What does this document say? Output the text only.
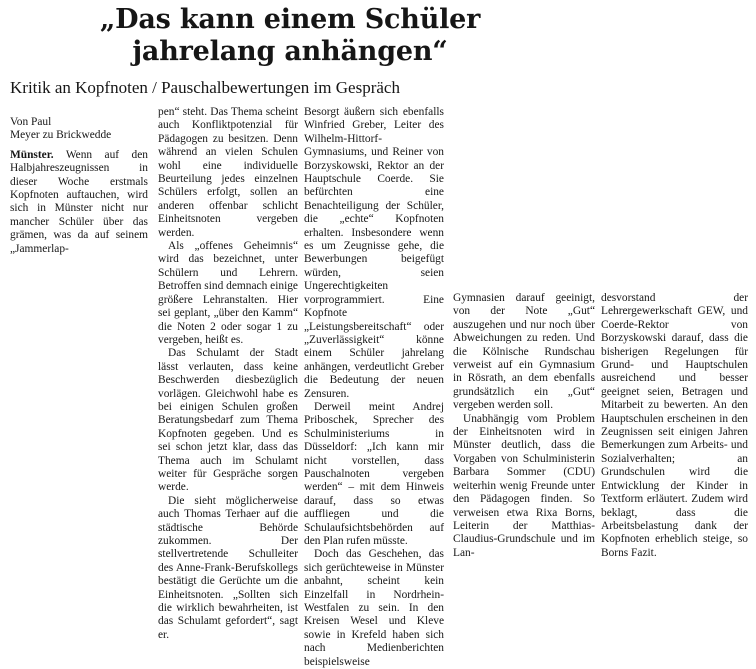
„Das kann einem Schüler jahrelang anhängen“
Kritik an Kopfnoten / Pauschalbewertungen im Gespräch

Von Paul

Meyer zu Brickwedde

Münster. Wenn auf den Halbjahreszeugnissen in dieser Woche erstmals Kopfnoten auftauchen, wird sich in Münster nicht nur mancher Schüler über das grämen, was da auf seinem „Jammerlap-

pen“ steht. Das Thema scheint auch Konfliktpotenzial für Pädagogen zu besitzen. Denn während an vielen Schulen wohl eine individuelle Beurteilung jedes einzelnen Schülers erfolgt, sollen an anderen offenbar schlicht Einheitsnoten vergeben werden.

Als „offenes Geheimnis“ wird das bezeichnet, unter Schülern und Lehrern. Betroffen sind demnach einige größere Lehranstalten. Hier sei geplant, „über den Kamm“ die Noten 2 oder sogar 1 zu vergeben, heißt es.

Das Schulamt der Stadt lässt verlauten, dass keine Beschwerden diesbezüglich vorlägen. Gleichwohl habe es bei einigen Schulen großen Beratungsbedarf zum Thema Kopfnoten gegeben. Und es sei schon jetzt klar, dass das Thema auch im Schulamt weiter für Gespräche sorgen werde.

Die sieht möglicherweise auch Thomas Terhaer auf die städtische Behörde zukommen. Der stellvertretende Schulleiter des Anne-Frank-Berufskollegs bestätigt die Gerüchte um die Einheitsnoten. „Sollten sich die wirklich bewahrheiten, ist das Schulamt gefordert“, sagt er.

Besorgt äußern sich ebenfalls Winfried Greber, Leiter des Wilhelm-Hittorf-Gymnasiums, und Reiner von Borzyskowski, Rektor an der Hauptschule Coerde. Sie befürchten eine Benachteiligung der Schüler, die „echte“ Kopfnoten erhalten. Insbesondere wenn es um Zeugnisse gehe, die Bewerbungen beigefügt würden, seien Ungerechtigkeiten vorprogrammiert. Eine Kopfnote „Leistungsbereitschaft“ oder „Zuverlässigkeit“ könne einem Schüler jahrelang anhängen, verdeutlicht Greber die Bedeutung der neuen Zensuren.

Derweil meint Andrej Priboschek, Sprecher des Schulministeriums in Düsseldorf: „Ich kann mir nicht vorstellen, dass Pauschalnoten vergeben werden“ – mit dem Hinweis darauf, dass so etwas auffliegen und die Schulaufsichtsbehörden auf den Plan rufen müsste.

Doch das Geschehen, das sich gerüchteweise in Münster anbahnt, scheint kein Einzelfall in Nordrhein-Westfalen zu sein. In den Kreisen Wesel und Kleve sowie in Krefeld haben sich nach Medienberichten beispielsweise

Gymnasien darauf geeinigt, von der Note „Gut“ auszugehen und nur noch über Abweichungen zu reden. Und die Kölnische Rundschau verweist auf ein Gymnasium in Rösrath, an dem ebenfalls grundsätzlich ein „Gut“ vergeben werden soll.

Unabhängig vom Problem der Einheitsnoten wird in Münster deutlich, dass die Vorgaben von Schulministerin Barbara Sommer (CDU) weiterhin wenig Freunde unter den Pädagogen finden. So verweisen etwa Rixa Borns, Leiterin der Matthias-Claudius-Grundschule und im Lan-

desvorstand der Lehrergewerkschaft GEW, und Coerde-Rektor von Borzyskowski darauf, dass die bisherigen Regelungen für Grund- und Hauptschulen ausreichend und besser geeignet seien, Betragen und Mitarbeit zu bewerten. An den Hauptschulen erscheinen in den Zeugnissen seit einigen Jahren Bemerkungen zum Arbeits- und Sozialverhalten; an Grundschulen wird die Entwicklung der Kinder in Textform erläutert. Zudem wird beklagt, dass die Arbeitsbelastung dank der Kopfnoten erheblich steige, so Borns Fazit.
